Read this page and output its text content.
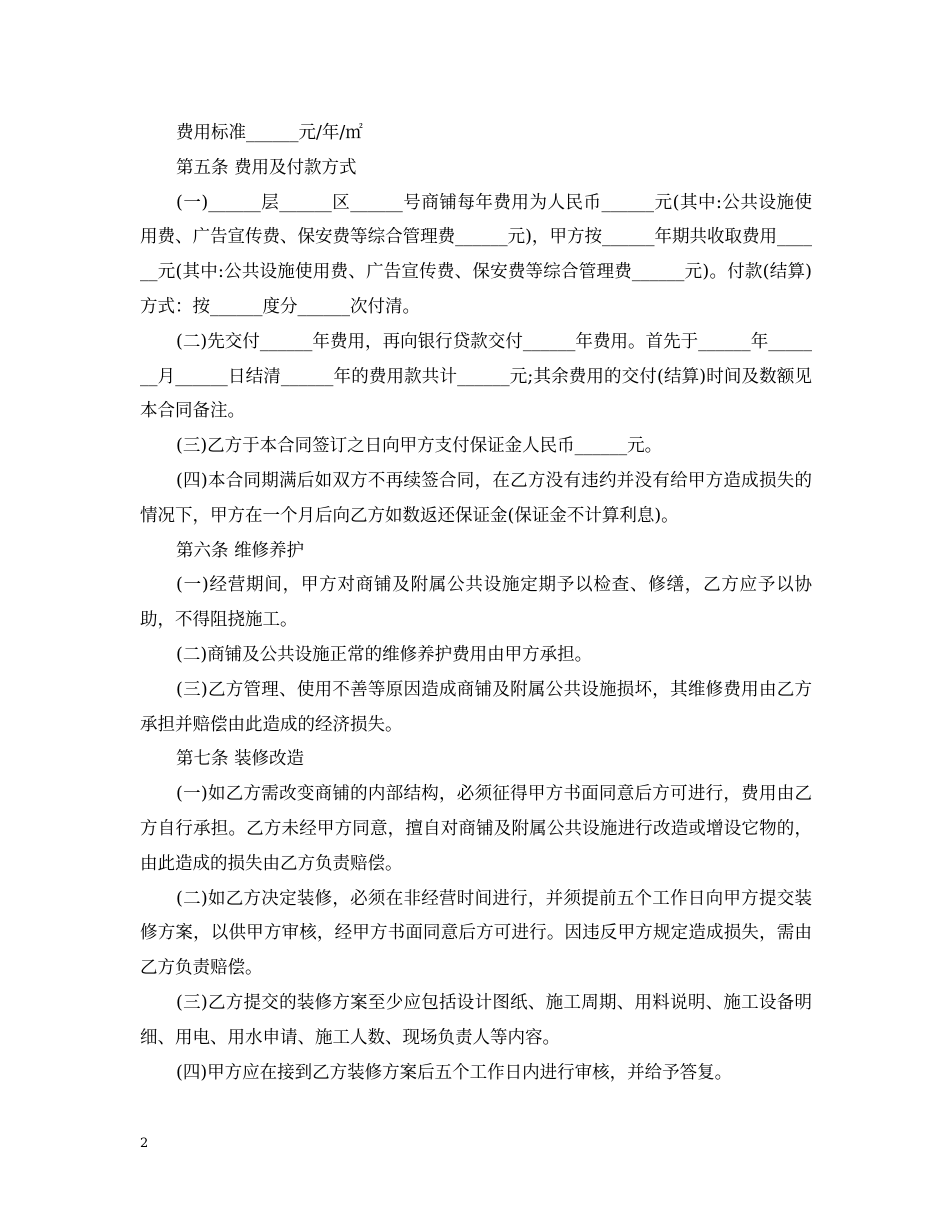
费用标准______元/年/㎡

第五条 费用及付款方式

(一)______层______区______号商铺每年费用为人民币______元(其中:公共设施使用费、广告宣传费、保安费等综合管理费______元)，甲方按______年期共收取费用______元(其中:公共设施使用费、广告宣传费、保安费等综合管理费______元)。付款(结算)方式：按______度分______次付清。

(二)先交付______年费用，再向银行贷款交付______年费用。首先于______年_______月______日结清______年的费用款共计______元;其余费用的交付(结算)时间及数额见本合同备注。

(三)乙方于本合同签订之日向甲方支付保证金人民币______元。

(四)本合同期满后如双方不再续签合同，在乙方没有违约并没有给甲方造成损失的情况下，甲方在一个月后向乙方如数返还保证金(保证金不计算利息)。

第六条 维修养护

(一)经营期间，甲方对商铺及附属公共设施定期予以检查、修缮，乙方应予以协助，不得阻挠施工。

(二)商铺及公共设施正常的维修养护费用由甲方承担。

(三)乙方管理、使用不善等原因造成商铺及附属公共设施损坏，其维修费用由乙方承担并赔偿由此造成的经济损失。

第七条 装修改造

(一)如乙方需改变商铺的内部结构，必须征得甲方书面同意后方可进行，费用由乙方自行承担。乙方未经甲方同意，擅自对商铺及附属公共设施进行改造或增设它物的，由此造成的损失由乙方负责赔偿。

(二)如乙方决定装修，必须在非经营时间进行，并须提前五个工作日向甲方提交装修方案，以供甲方审核，经甲方书面同意后方可进行。因违反甲方规定造成损失，需由乙方负责赔偿。

(三)乙方提交的装修方案至少应包括设计图纸、施工周期、用料说明、施工设备明细、用电、用水申请、施工人数、现场负责人等内容。

(四)甲方应在接到乙方装修方案后五个工作日内进行审核，并给予答复。

2
